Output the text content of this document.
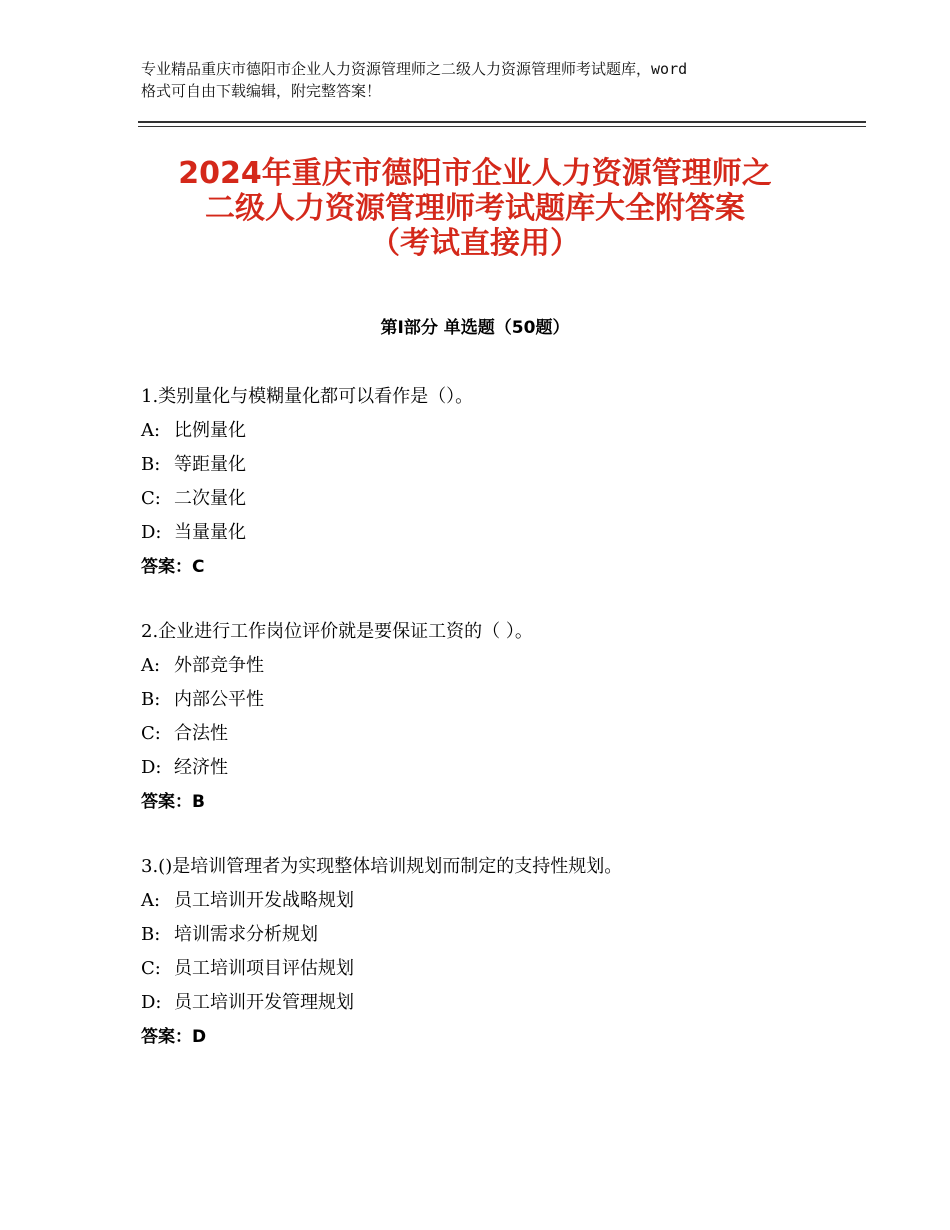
专业精品重庆市德阳市企业人力资源管理师之二级人力资源管理师考试题库，word
格式可自由下载编辑，附完整答案！
2024年重庆市德阳市企业人力资源管理师之
二级人力资源管理师考试题库大全附答案
（考试直接用）
第Ⅰ部分 单选题（50题）
1.类别量化与模糊量化都可以看作是（）。
A: 比例量化
B: 等距量化
C: 二次量化
D: 当量量化
答案：C
2.企业进行工作岗位评价就是要保证工资的（ ）。
A: 外部竞争性
B: 内部公平性
C: 合法性
D: 经济性
答案：B
3.()是培训管理者为实现整体培训规划而制定的支持性规划。
A: 员工培训开发战略规划
B: 培训需求分析规划
C: 员工培训项目评估规划
D: 员工培训开发管理规划
答案：D
